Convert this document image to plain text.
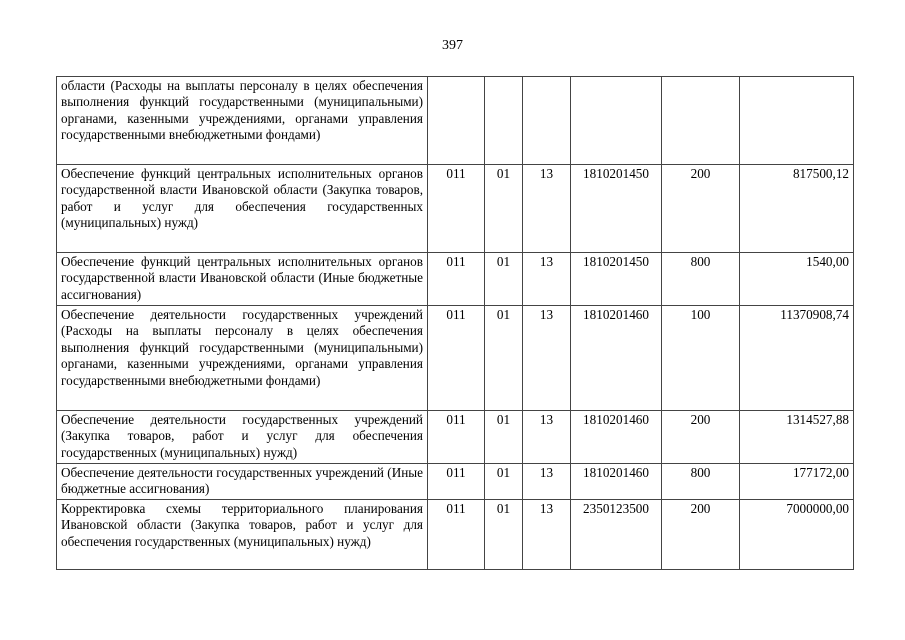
397
области (Расходы на выплаты персоналу в целях обеспечения выполнения функций государственными (муниципальными) органами, казенными учреждениями, органами управления государственными внебюджетными фондами)						
Обеспечение функций центральных исполнительных органов государственной власти Ивановской области (Закупка товаров, работ и услуг для обеспечения государственных (муниципальных) нужд)	011	01	13	1810201450	200	817500,12
Обеспечение функций центральных исполнительных органов государственной власти Ивановской области (Иные бюджетные ассигнования)	011	01	13	1810201450	800	1540,00
Обеспечение деятельности государственных учреждений (Расходы на выплаты персоналу в целях обеспечения выполнения функций государственными (муниципальными) органами, казенными учреждениями, органами управления государственными внебюджетными фондами)	011	01	13	1810201460	100	11370908,74
Обеспечение деятельности государственных учреждений (Закупка товаров, работ и услуг для обеспечения государственных (муниципальных) нужд)	011	01	13	1810201460	200	1314527,88
Обеспечение деятельности государственных учреждений (Иные бюджетные ассигнования)	011	01	13	1810201460	800	177172,00
Корректировка схемы территориального планирования Ивановской области (Закупка товаров, работ и услуг для обеспечения государственных (муниципальных) нужд)	011	01	13	2350123500	200	7000000,00
